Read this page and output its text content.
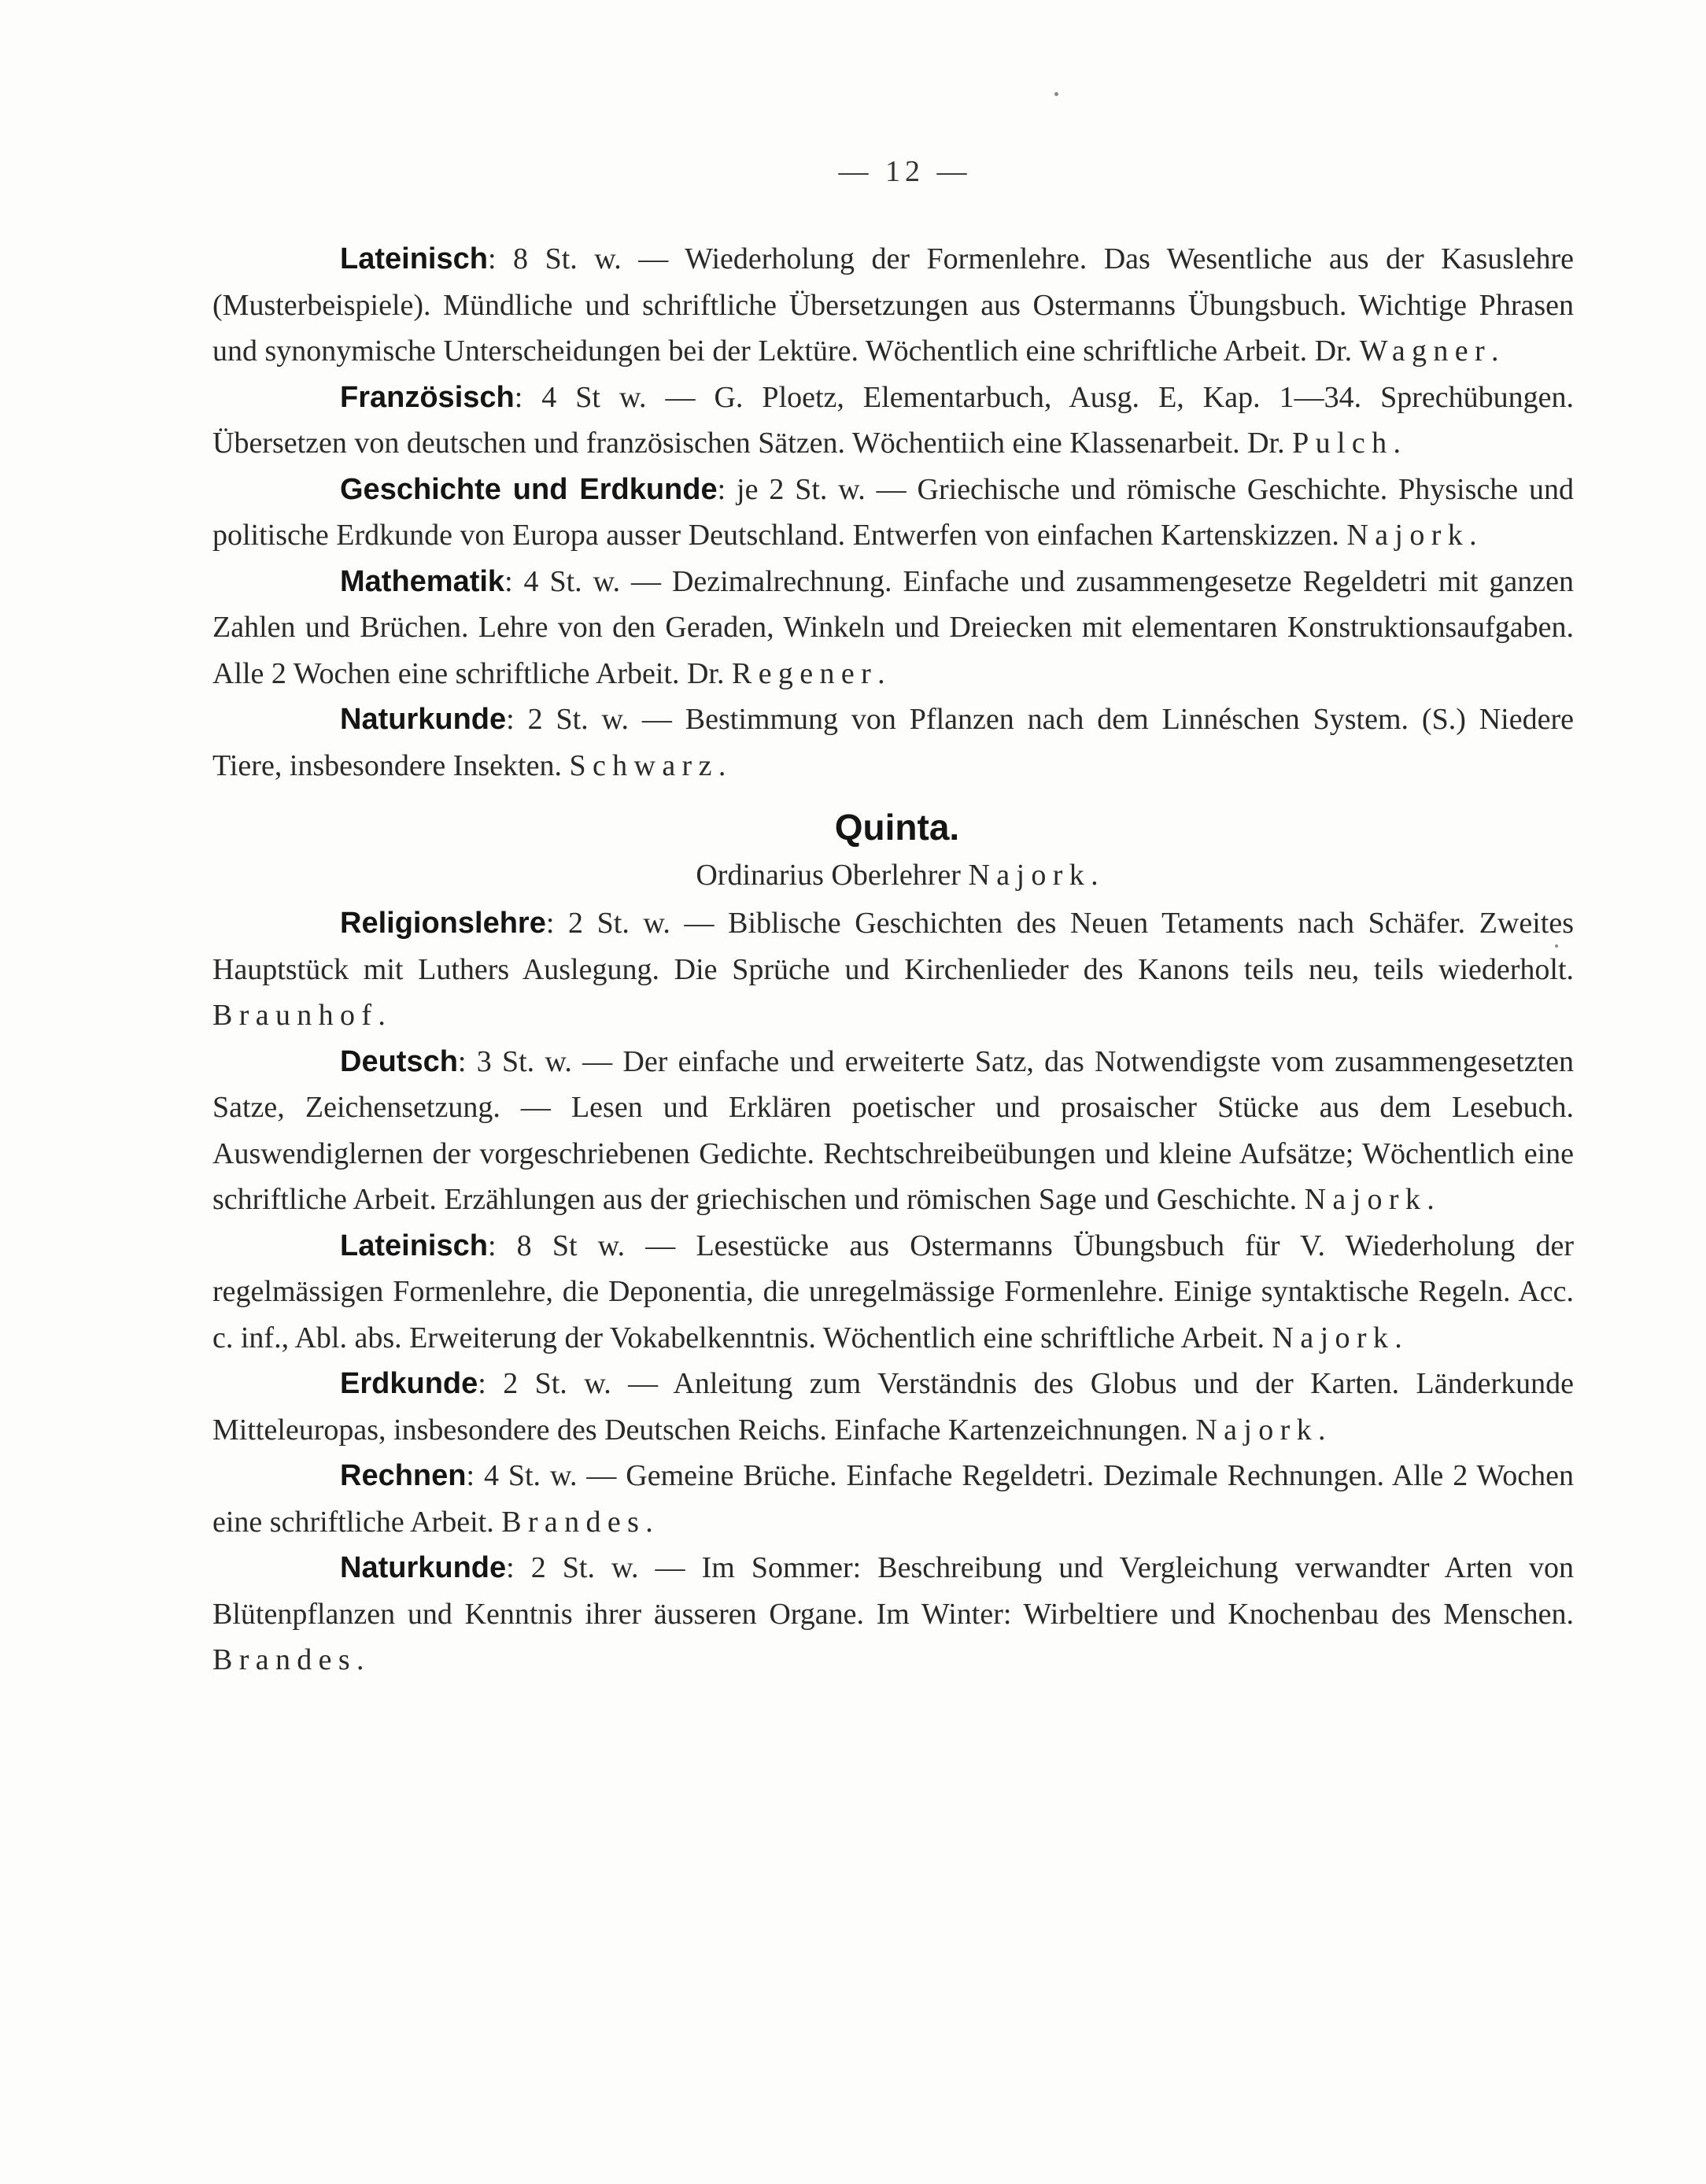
— 12 —

Lateinisch: 8 St. w. — Wiederholung der Formenlehre. Das Wesentliche aus der Kasuslehre (Musterbeispiele). Mündliche und schriftliche Übersetzungen aus Ostermanns Übungsbuch. Wichtige Phrasen und synonymische Unterscheidungen bei der Lektüre. Wöchentlich eine schriftliche Arbeit. Dr. Wagner.

Französisch: 4 St w. — G. Ploetz, Elementarbuch, Ausg. E, Kap. 1—34. Sprechübungen. Übersetzen von deutschen und französischen Sätzen. Wöchentiich eine Klassenarbeit. Dr. Pulch.

Geschichte und Erdkunde: je 2 St. w. — Griechische und römische Geschichte. Physische und politische Erdkunde von Europa ausser Deutschland. Entwerfen von einfachen Kartenskizzen. Najork.

Mathematik: 4 St. w. — Dezimalrechnung. Einfache und zusammengesetze Regeldetri mit ganzen Zahlen und Brüchen. Lehre von den Geraden, Winkeln und Dreiecken mit elementaren Konstruktionsaufgaben. Alle 2 Wochen eine schriftliche Arbeit. Dr. Regener.

Naturkunde: 2 St. w. — Bestimmung von Pflanzen nach dem Linnéschen System. (S.) Niedere Tiere, insbesondere Insekten. Schwarz.

Quinta.

Ordinarius Oberlehrer Najork.

Religionslehre: 2 St. w. — Biblische Geschichten des Neuen Tetaments nach Schäfer. Zweites Hauptstück mit Luthers Auslegung. Die Sprüche und Kirchenlieder des Kanons teils neu, teils wiederholt. Braunhof.

Deutsch: 3 St. w. — Der einfache und erweiterte Satz, das Notwendigste vom zusammengesetzten Satze, Zeichensetzung. — Lesen und Erklären poetischer und prosaischer Stücke aus dem Lesebuch. Auswendiglernen der vorgeschriebenen Gedichte. Rechtschreibeübungen und kleine Aufsätze; Wöchentlich eine schriftliche Arbeit. Erzählungen aus der griechischen und römischen Sage und Geschichte. Najork.

Lateinisch: 8 St w. — Lesestücke aus Ostermanns Übungsbuch für V. Wiederholung der regelmässigen Formenlehre, die Deponentia, die unregelmässige Formenlehre. Einige syntaktische Regeln. Acc. c. inf., Abl. abs. Erweiterung der Vokabelkenntnis. Wöchentlich eine schriftliche Arbeit. Najork.

Erdkunde: 2 St. w. — Anleitung zum Verständnis des Globus und der Karten. Länderkunde Mitteleuropas, insbesondere des Deutschen Reichs. Einfache Kartenzeichnungen. Najork.

Rechnen: 4 St. w. — Gemeine Brüche. Einfache Regeldetri. Dezimale Rechnungen. Alle 2 Wochen eine schriftliche Arbeit. Brandes.

Naturkunde: 2 St. w. — Im Sommer: Beschreibung und Vergleichung verwandter Arten von Blütenpflanzen und Kenntnis ihrer äusseren Organe. Im Winter: Wirbeltiere und Knochenbau des Menschen. Brandes.
